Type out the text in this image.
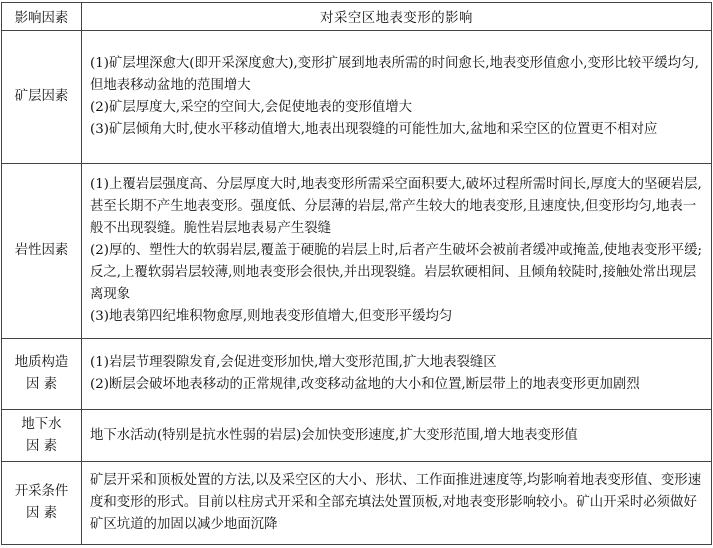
影响因素	对采空区地表变形的影响

矿层因素	(1)矿层埋深愈大(即开采深度愈大),变形扩展到地表所需的时间愈长,地表变形值愈小,变形比较平缓均匀,但地表移动盆地的范围增大
(2)矿层厚度大,采空的空间大,会促使地表的变形值增大
(3)矿层倾角大时,使水平移动值增大,地表出现裂缝的可能性加大,盆地和采空区的位置更不相对应

岩性因素	(1)上覆岩层强度高、分层厚度大时,地表变形所需采空面积要大,破坏过程所需时间长,厚度大的坚硬岩层,甚至长期不产生地表变形。强度低、分层薄的岩层,常产生较大的地表变形,且速度快,但变形均匀,地表一般不出现裂缝。脆性岩层地表易产生裂缝
(2)厚的、塑性大的软弱岩层,覆盖于硬脆的岩层上时,后者产生破坏会被前者缓冲或掩盖,使地表变形平缓;反之,上覆软弱岩层较薄,则地表变形会很快,并出现裂缝。岩层软硬相间、且倾角较陡时,接触处常出现层离现象
(3)地表第四纪堆积物愈厚,则地表变形值增大,但变形平缓均匀

地质构造
因 素	(1)岩层节理裂隙发育,会促进变形加快,增大变形范围,扩大地表裂缝区
(2)断层会破坏地表移动的正常规律,改变移动盆地的大小和位置,断层带上的地表变形更加剧烈

地下水
因 素	地下水活动(特别是抗水性弱的岩层)会加快变形速度,扩大变形范围,增大地表变形值

开采条件
因 素	矿层开采和顶板处置的方法,以及采空区的大小、形状、工作面推进速度等,均影响着地表变形值、变形速度和变形的形式。目前以柱房式开采和全部充填法处置顶板,对地表变形影响较小。矿山开采时必须做好矿区坑道的加固以减少地面沉降
